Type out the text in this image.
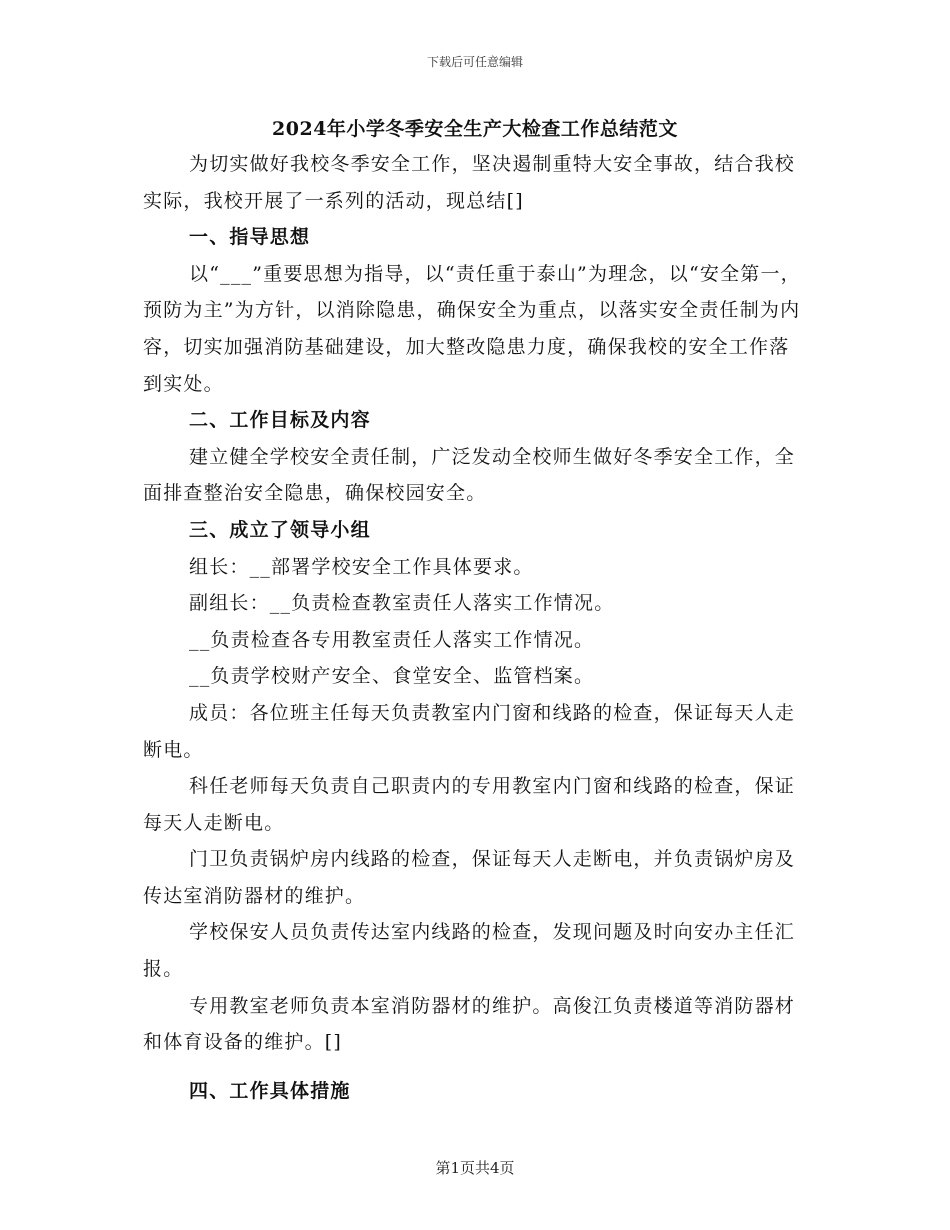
下载后可任意编辑
2024年小学冬季安全生产大检查工作总结范文
为切实做好我校冬季安全工作，坚决遏制重特大安全事故，结合我校实际，我校开展了一系列的活动，现总结[]
一、指导思想
以“___”重要思想为指导，以“责任重于泰山”为理念，以“安全第一，预防为主”为方针，以消除隐患，确保安全为重点，以落实安全责任制为内容，切实加强消防基础建设，加大整改隐患力度，确保我校的安全工作落到实处。
二、工作目标及内容
建立健全学校安全责任制，广泛发动全校师生做好冬季安全工作，全面排查整治安全隐患，确保校园安全。
三、成立了领导小组
组长：__部署学校安全工作具体要求。
副组长：__负责检查教室责任人落实工作情况。
__负责检查各专用教室责任人落实工作情况。
__负责学校财产安全、食堂安全、监管档案。
成员：各位班主任每天负责教室内门窗和线路的检查，保证每天人走断电。
科任老师每天负责自己职责内的专用教室内门窗和线路的检查，保证每天人走断电。
门卫负责锅炉房内线路的检查，保证每天人走断电，并负责锅炉房及传达室消防器材的维护。
学校保安人员负责传达室内线路的检查，发现问题及时向安办主任汇报。
专用教室老师负责本室消防器材的维护。高俊江负责楼道等消防器材和体育设备的维护。[]
四、工作具体措施
第1页共4页
